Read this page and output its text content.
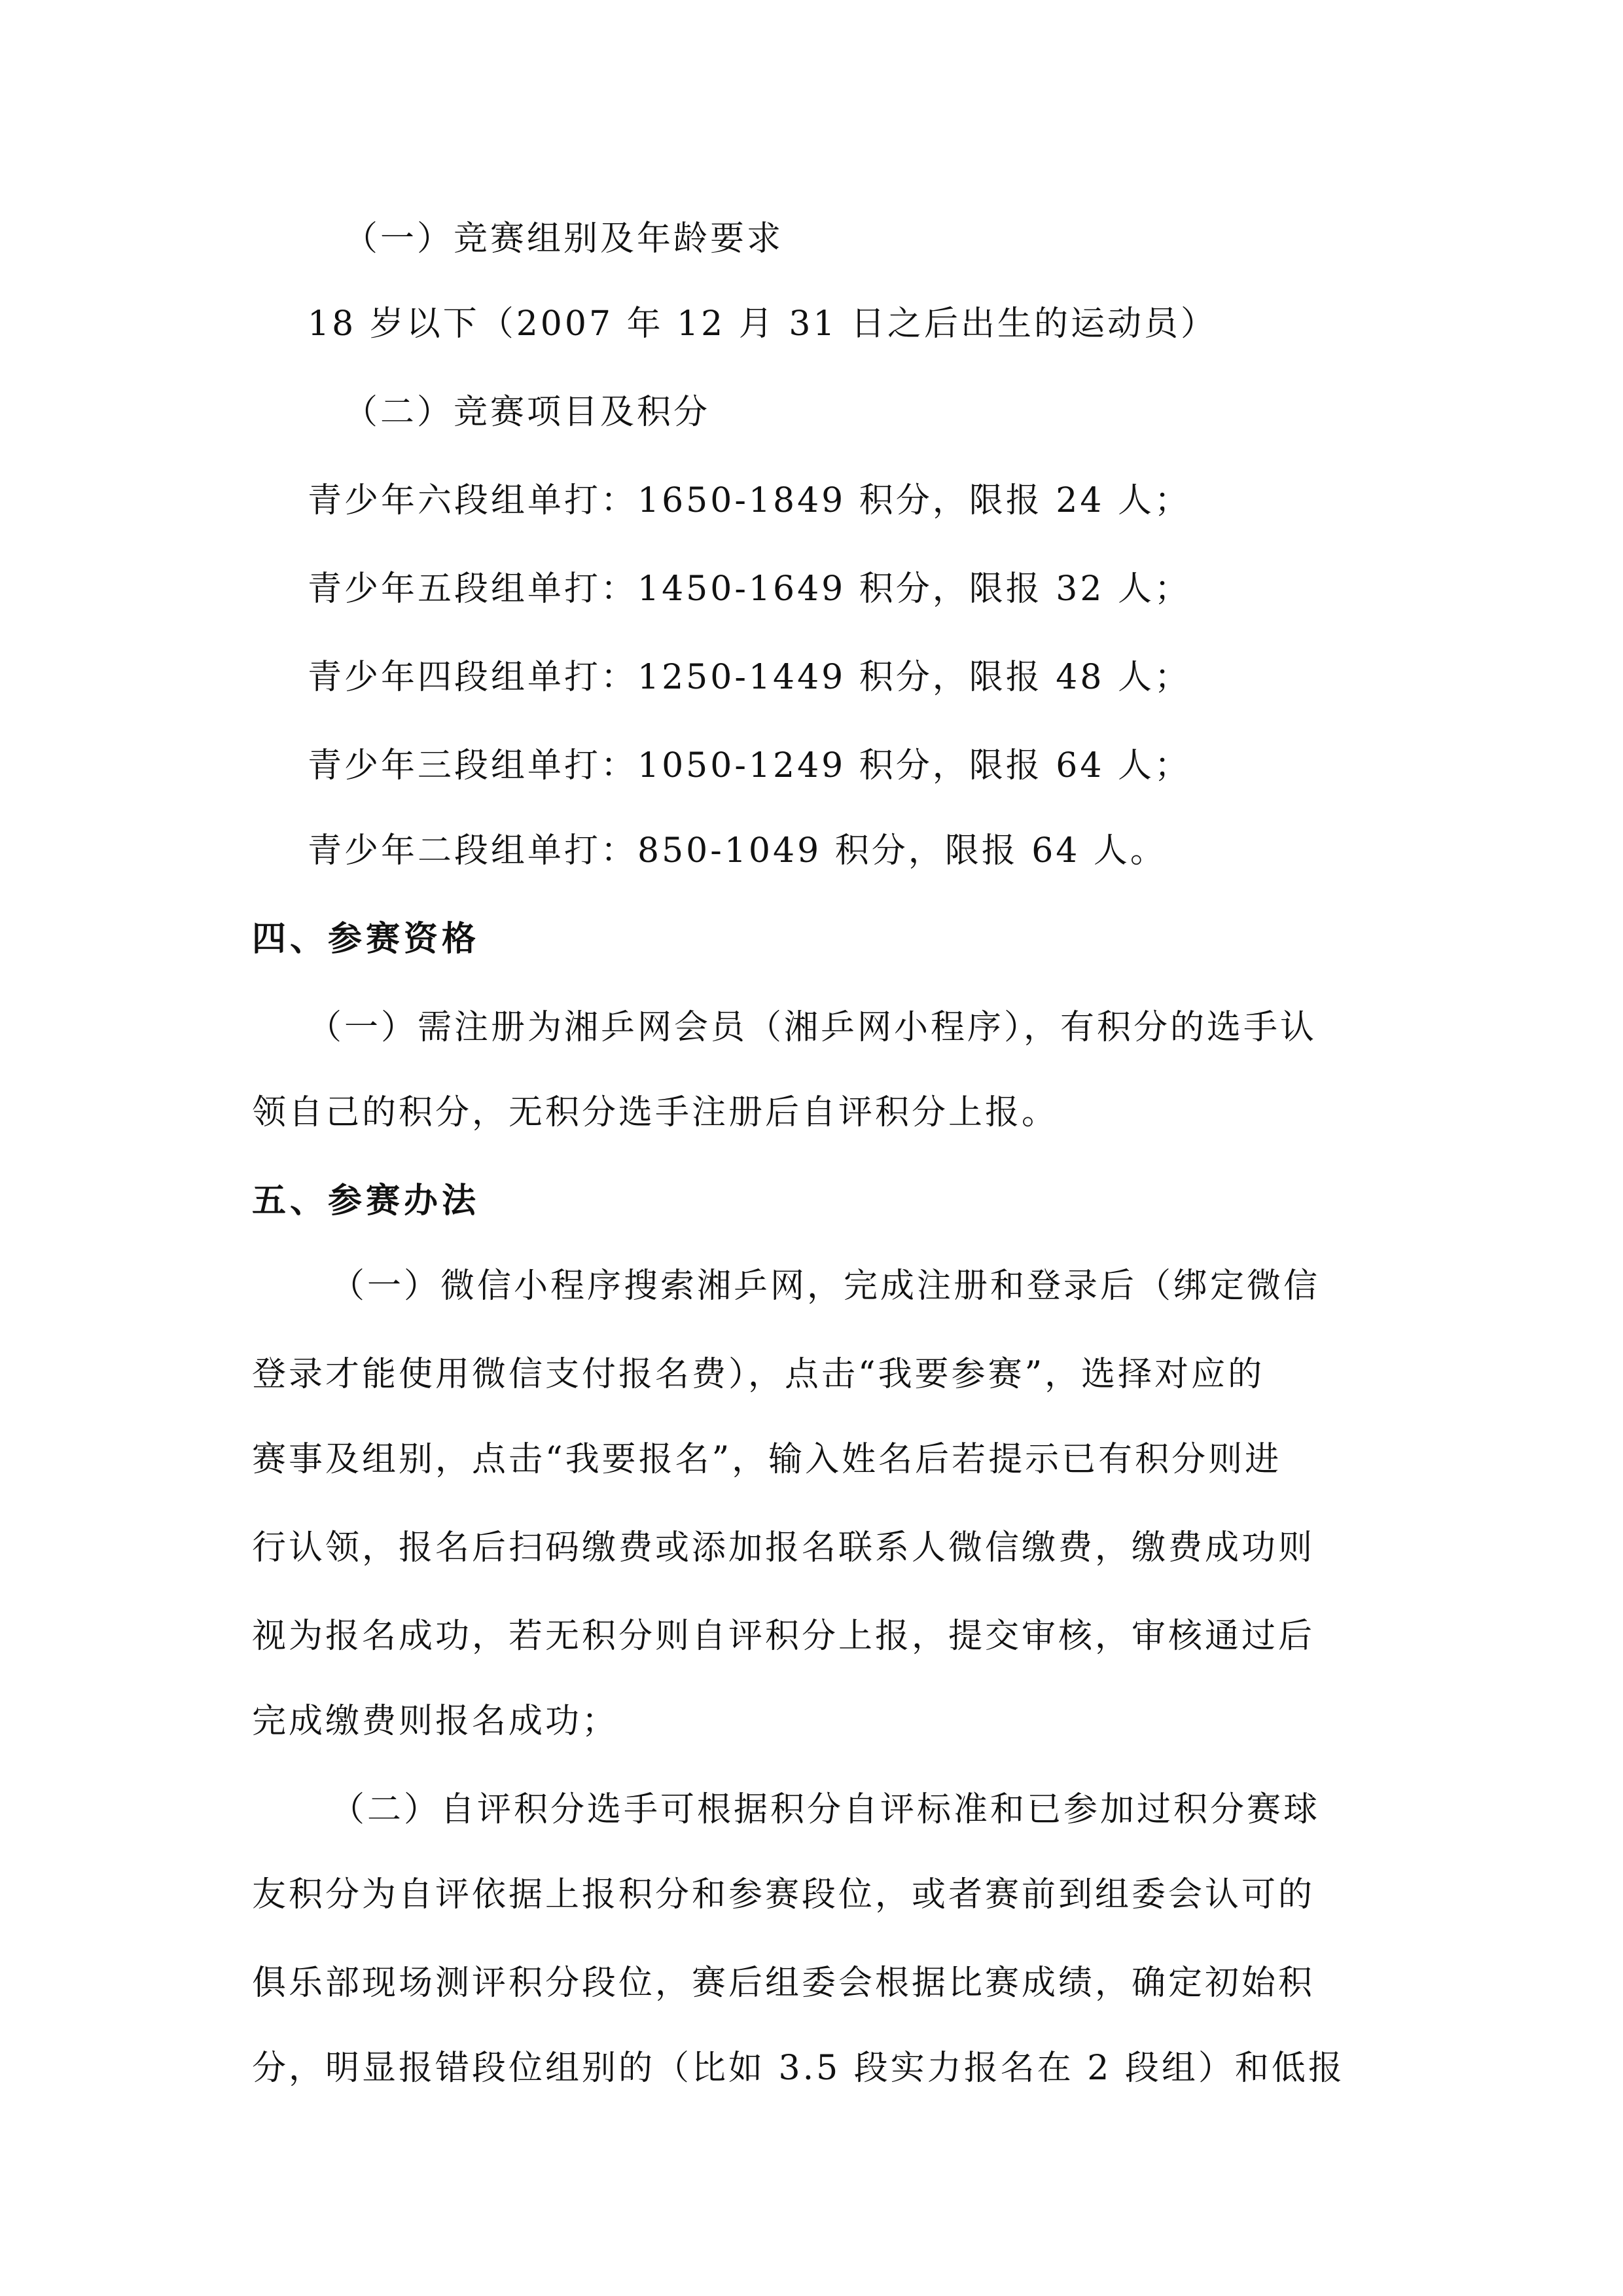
（一）竞赛组别及年龄要求
18 岁以下（2007 年 12 月 31 日之后出生的运动员）
（二）竞赛项目及积分
青少年六段组单打：1650-1849 积分，限报 24 人；
青少年五段组单打：1450-1649 积分，限报 32 人；
青少年四段组单打：1250-1449 积分，限报 48 人；
青少年三段组单打：1050-1249 积分，限报 64 人；
青少年二段组单打：850-1049 积分，限报 64 人。
四、参赛资格
（一）需注册为湘乒网会员（湘乒网小程序），有积分的选手认
领自己的积分，无积分选手注册后自评积分上报。
五、参赛办法
（一）微信小程序搜索湘乒网，完成注册和登录后（绑定微信
登录才能使用微信支付报名费），点击“我要参赛”，选择对应的
赛事及组别，点击“我要报名”，输入姓名后若提示已有积分则进
行认领，报名后扫码缴费或添加报名联系人微信缴费，缴费成功则
视为报名成功，若无积分则自评积分上报，提交审核，审核通过后
完成缴费则报名成功；
（二）自评积分选手可根据积分自评标准和已参加过积分赛球
友积分为自评依据上报积分和参赛段位，或者赛前到组委会认可的
俱乐部现场测评积分段位，赛后组委会根据比赛成绩，确定初始积
分，明显报错段位组别的（比如 3.5 段实力报名在 2 段组）和低报
